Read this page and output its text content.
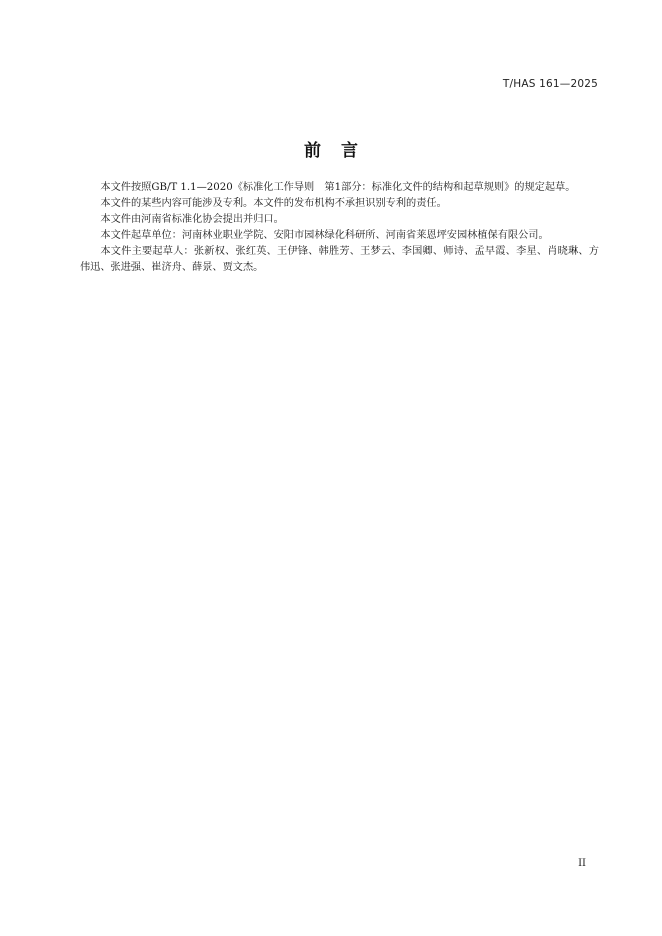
T/HAS 161—2025
前言

本文件按照GB/T 1.1—2020《标准化工作导则　第1部分：标准化文件的结构和起草规则》的规定起草。

本文件的某些内容可能涉及专利。本文件的发布机构不承担识别专利的责任。

本文件由河南省标准化协会提出并归口。

本文件起草单位：河南林业职业学院、安阳市园林绿化科研所、河南省莱恩坪安园林植保有限公司。

本文件主要起草人：张新权、张红英、王伊锋、韩胜芳、王梦云、李国卿、师诗、孟早霞、李星、肖晓琳、方伟迅、张进强、崔济舟、薛景、贾文杰。

II
